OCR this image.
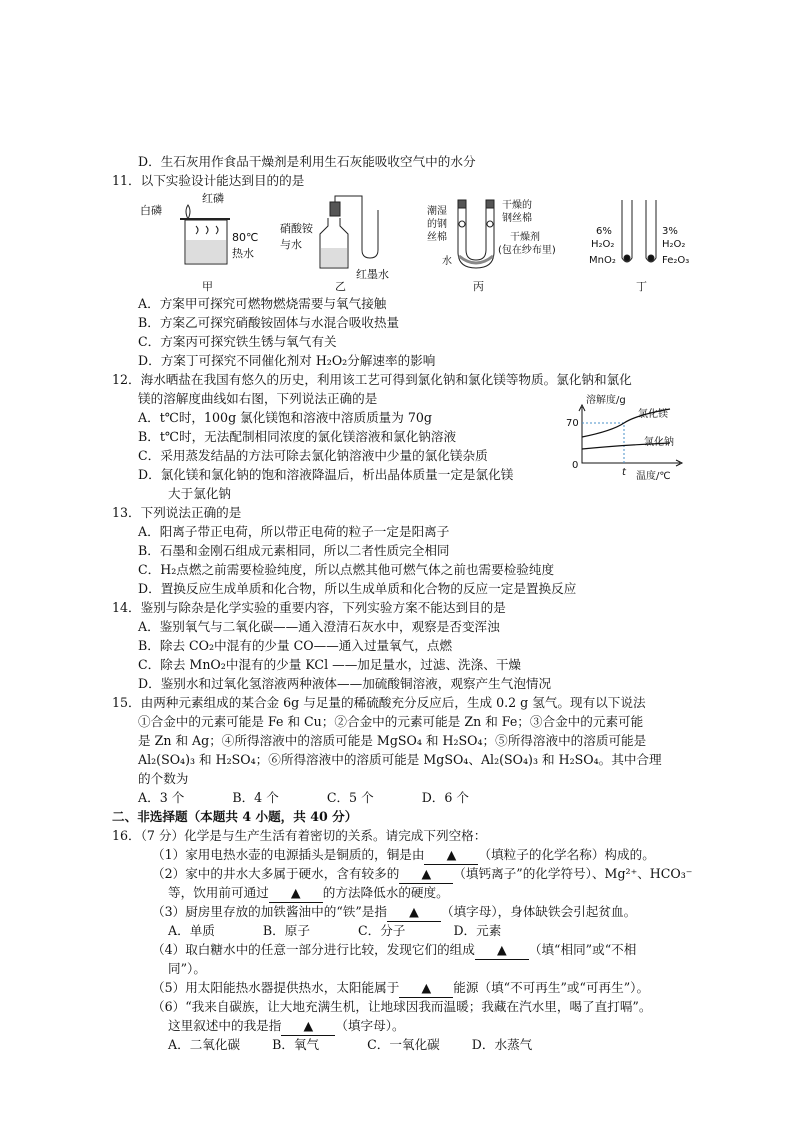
D．生石灰用作食品干燥剂是利用生石灰能吸收空气中的水分
11．以下实验设计能达到目的的是
白磷
红磷
80℃
热水
甲
硝酸铵
与水
红墨水
乙
潮湿
的钢
丝棉
干燥的
钢丝棉
干燥剂
(包在纱布里)
水
丙
6%
H₂O₂
MnO₂
3%
H₂O₂
Fe₂O₃
丁
A．方案甲可探究可燃物燃烧需要与氧气接触
B．方案乙可探究硝酸铵固体与水混合吸收热量
C．方案丙可探究铁生锈与氧气有关
D．方案丁可探究不同催化剂对 H₂O₂分解速率的影响
12．海水晒盐在我国有悠久的历史，利用该工艺可得到氯化钠和氯化镁等物质。氯化钠和氯化
镁的溶解度曲线如右图，下列说法正确的是
A．t℃时，100g 氯化镁饱和溶液中溶质质量为 70g
B．t℃时，无法配制相同浓度的氯化镁溶液和氯化钠溶液
C．采用蒸发结晶的方法可除去氯化钠溶液中少量的氯化镁杂质
D．氯化镁和氯化钠的饱和溶液降温后，析出晶体质量一定是氯化镁
大于氯化钠
溶解度/g
70
0
t 温度/℃
氯化镁
氯化钠
13．下列说法正确的是
A．阳离子带正电荷，所以带正电荷的粒子一定是阳离子
B．石墨和金刚石组成元素相同，所以二者性质完全相同
C．H₂点燃之前需要检验纯度，所以点燃其他可燃气体之前也需要检验纯度
D．置换反应生成单质和化合物，所以生成单质和化合物的反应一定是置换反应
14．鉴别与除杂是化学实验的重要内容，下列实验方案不能达到目的是
A．鉴别氧气与二氧化碳——通入澄清石灰水中，观察是否变浑浊
B．除去 CO₂中混有的少量 CO——通入过量氧气，点燃
C．除去 MnO₂中混有的少量 KCl ——加足量水，过滤、洗涤、干燥
D．鉴别水和过氧化氢溶液两种液体——加硫酸铜溶液，观察产生气泡情况
15．由两种元素组成的某合金 6g 与足量的稀硫酸充分反应后，生成 0.2 g 氢气。现有以下说法
①合金中的元素可能是 Fe 和 Cu；②合金中的元素可能是 Zn 和 Fe；③合金中的元素可能
是 Zn 和 Ag；④所得溶液中的溶质可能是 MgSO₄ 和 H₂SO₄；⑤所得溶液中的溶质可能是
Al₂(SO₄)₃ 和 H₂SO₄；⑥所得溶液中的溶质可能是 MgSO₄、Al₂(SO₄)₃ 和 H₂SO₄。其中合理
的个数为
A．3 个            B．4 个            C．5 个            D．6 个
二、非选择题（本题共 4 小题，共 40 分）
16．（7 分）化学是与生产生活有着密切的关系。请完成下列空格：
（1）家用电热水壶的电源插头是铜质的，铜是由 ▲ （填粒子的化学名称）构成的。
（2）家中的井水大多属于硬水，含有较多的 ▲ （填钙离子”的化学符号）、Mg²⁺、HCO₃⁻
等，饮用前可通过 ▲ 的方法降低水的硬度。
（3）厨房里存放的加铁酱油中的“铁”是指 ▲ （填字母），身体缺铁会引起贫血。
A．单质            B．原子            C．分子            D．元素
（4）取白糖水中的任意一部分进行比较，发现它们的组成 ▲ （填“相同”或“不相
同”）。
（5）用太阳能热水器提供热水，太阳能属于 ▲ 能源（填“不可再生”或“可再生”）。
（6）“我来自碳族，让大地充满生机，让地球因我而温暖；我藏在汽水里，喝了直打嗝”。
这里叙述中的我是指 ▲ （填字母）。
A．二氧化碳        B．氧气            C．一氧化碳        D．水蒸气
